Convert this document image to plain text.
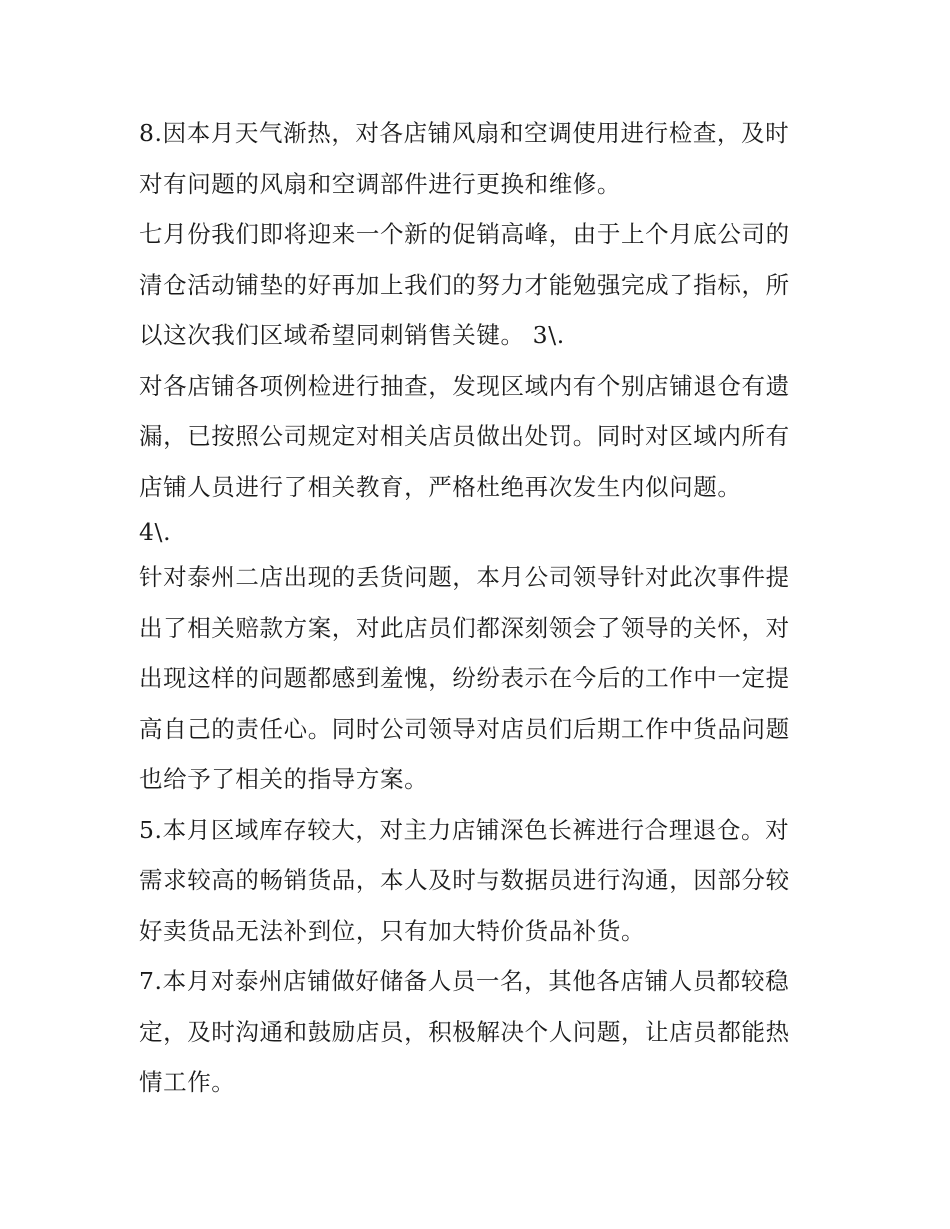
8.因本月天气渐热，对各店铺风扇和空调使用进行检查，及时
对有问题的风扇和空调部件进行更换和维修。
七月份我们即将迎来一个新的促销高峰，由于上个月底公司的
清仓活动铺垫的好再加上我们的努力才能勉强完成了指标，所
以这次我们区域希望同刺销售关键。 3\.
对各店铺各项例检进行抽查，发现区域内有个别店铺退仓有遗
漏，已按照公司规定对相关店员做出处罚。同时对区域内所有
店铺人员进行了相关教育，严格杜绝再次发生内似问题。
4\.
针对泰州二店出现的丢货问题，本月公司领导针对此次事件提
出了相关赔款方案，对此店员们都深刻领会了领导的关怀，对
出现这样的问题都感到羞愧，纷纷表示在今后的工作中一定提
高自己的责任心。同时公司领导对店员们后期工作中货品问题
也给予了相关的指导方案。
5.本月区域库存较大，对主力店铺深色长裤进行合理退仓。对
需求较高的畅销货品，本人及时与数据员进行沟通，因部分较
好卖货品无法补到位，只有加大特价货品补货。
7.本月对泰州店铺做好储备人员一名，其他各店铺人员都较稳
定，及时沟通和鼓励店员，积极解决个人问题，让店员都能热
情工作。
